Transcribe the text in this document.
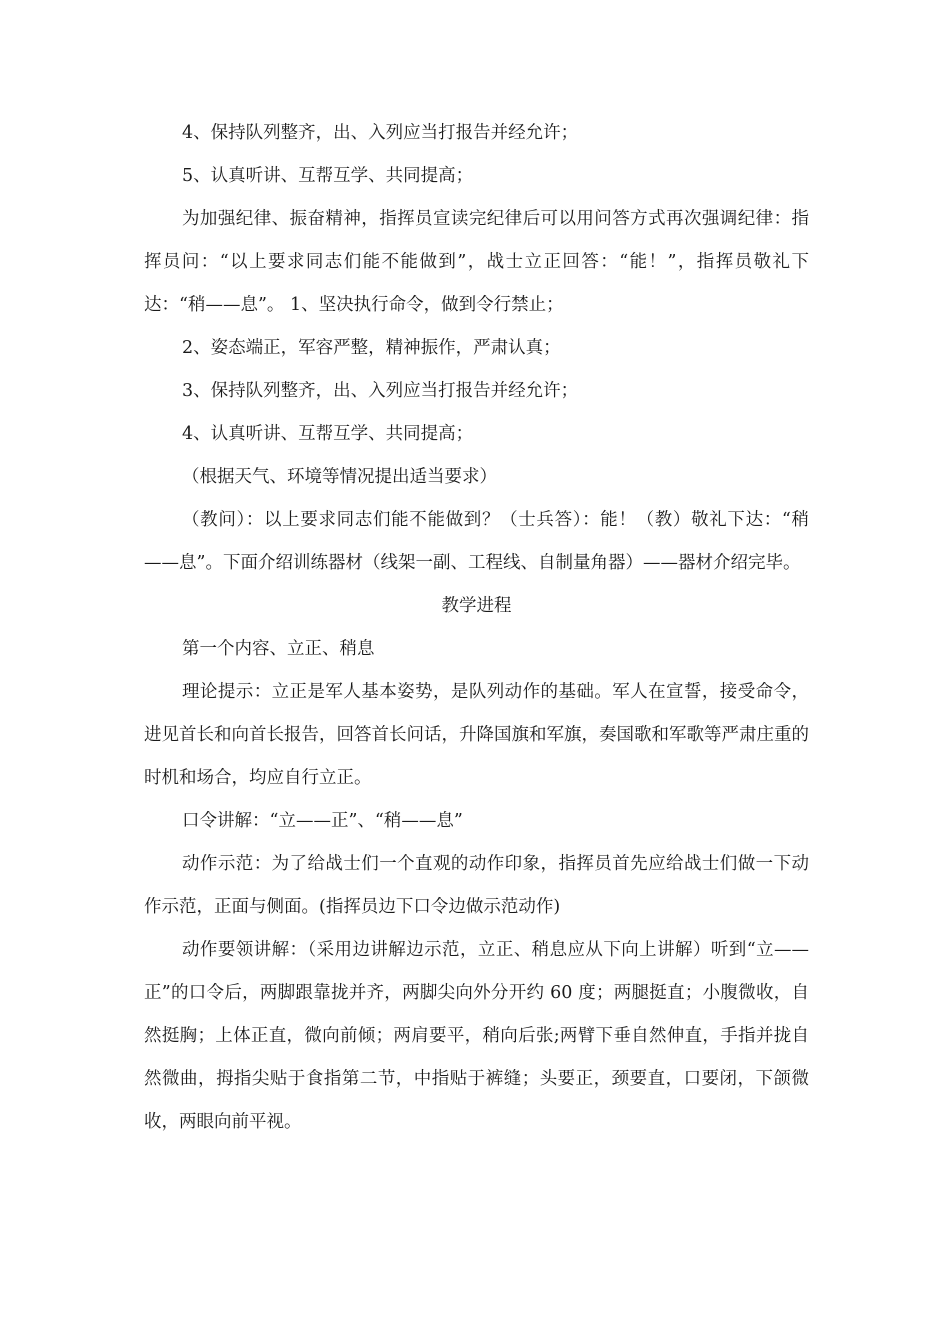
4、保持队列整齐，出、入列应当打报告并经允许；

5、认真听讲、互帮互学、共同提高；

为加强纪律、振奋精神，指挥员宣读完纪律后可以用问答方式再次强调纪律：指挥员问：“以上要求同志们能不能做到”，战士立正回答：“能！”，指挥员敬礼下达：“稍——息”。 1、坚决执行命令，做到令行禁止；

2、姿态端正，军容严整，精神振作，严肃认真；

3、保持队列整齐，出、入列应当打报告并经允许；

4、认真听讲、互帮互学、共同提高；

（根据天气、环境等情况提出适当要求）

（教问）：以上要求同志们能不能做到？（士兵答）：能！（教）敬礼下达：“稍——息”。下面介绍训练器材（线架一副、工程线、自制量角器）——器材介绍完毕。

教学进程

第一个内容、立正、稍息

理论提示：立正是军人基本姿势，是队列动作的基础。军人在宣誓，接受命令，进见首长和向首长报告，回答首长问话，升降国旗和军旗，奏国歌和军歌等严肃庄重的时机和场合，均应自行立正。

口令讲解：“立——正”、“稍——息”

动作示范：为了给战士们一个直观的动作印象，指挥员首先应给战士们做一下动作示范，正面与侧面。(指挥员边下口令边做示范动作)

动作要领讲解：（采用边讲解边示范，立正、稍息应从下向上讲解）听到“立——正”的口令后，两脚跟靠拢并齐，两脚尖向外分开约 60 度；两腿挺直；小腹微收，自然挺胸；上体正直，微向前倾；两肩要平，稍向后张;两臂下垂自然伸直，手指并拢自然微曲，拇指尖贴于食指第二节，中指贴于裤缝；头要正，颈要直，口要闭，下颌微收，两眼向前平视。
